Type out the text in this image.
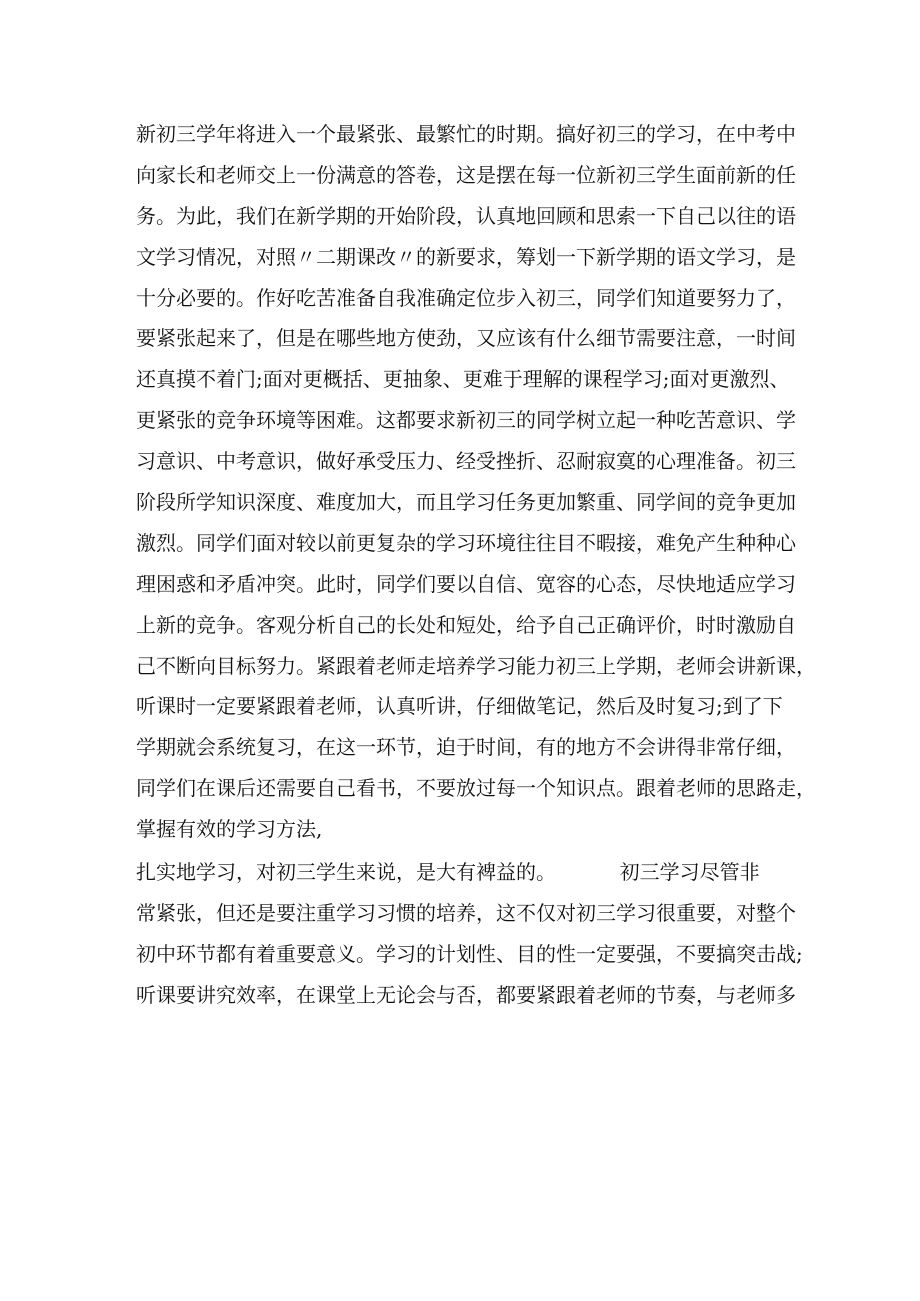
新初三学年将进入一个最紧张、最繁忙的时期。搞好初三的学习，在中考中
向家长和老师交上一份满意的答卷，这是摆在每一位新初三学生面前新的任
务。为此，我们在新学期的开始阶段，认真地回顾和思索一下自己以往的语
文学习情况，对照〃二期课改〃的新要求，筹划一下新学期的语文学习，是
十分必要的。作好吃苦准备自我准确定位步入初三，同学们知道要努力了，
要紧张起来了，但是在哪些地方使劲，又应该有什么细节需要注意，一时间
还真摸不着门;面对更概括、更抽象、更难于理解的课程学习;面对更激烈、
更紧张的竞争环境等困难。这都要求新初三的同学树立起一种吃苦意识、学
习意识、中考意识，做好承受压力、经受挫折、忍耐寂寞的心理准备。初三
阶段所学知识深度、难度加大，而且学习任务更加繁重、同学间的竞争更加
激烈。同学们面对较以前更复杂的学习环境往往目不暇接，难免产生种种心
理困惑和矛盾冲突。此时，同学们要以自信、宽容的心态，尽快地适应学习
上新的竞争。客观分析自己的长处和短处，给予自己正确评价，时时激励自
己不断向目标努力。紧跟着老师走培养学习能力初三上学期，老师会讲新课，
听课时一定要紧跟着老师，认真听讲，仔细做笔记，然后及时复习;到了下
学期就会系统复习，在这一环节，迫于时间，有的地方不会讲得非常仔细，
同学们在课后还需要自己看书，不要放过每一个知识点。跟着老师的思路走，
掌握有效的学习方法,
扎实地学习，对初三学生来说，是大有裨益的。          初三学习尽管非
常紧张，但还是要注重学习习惯的培养，这不仅对初三学习很重要，对整个
初中环节都有着重要意义。学习的计划性、目的性一定要强，不要搞突击战;
听课要讲究效率，在课堂上无论会与否，都要紧跟着老师的节奏，与老师多
